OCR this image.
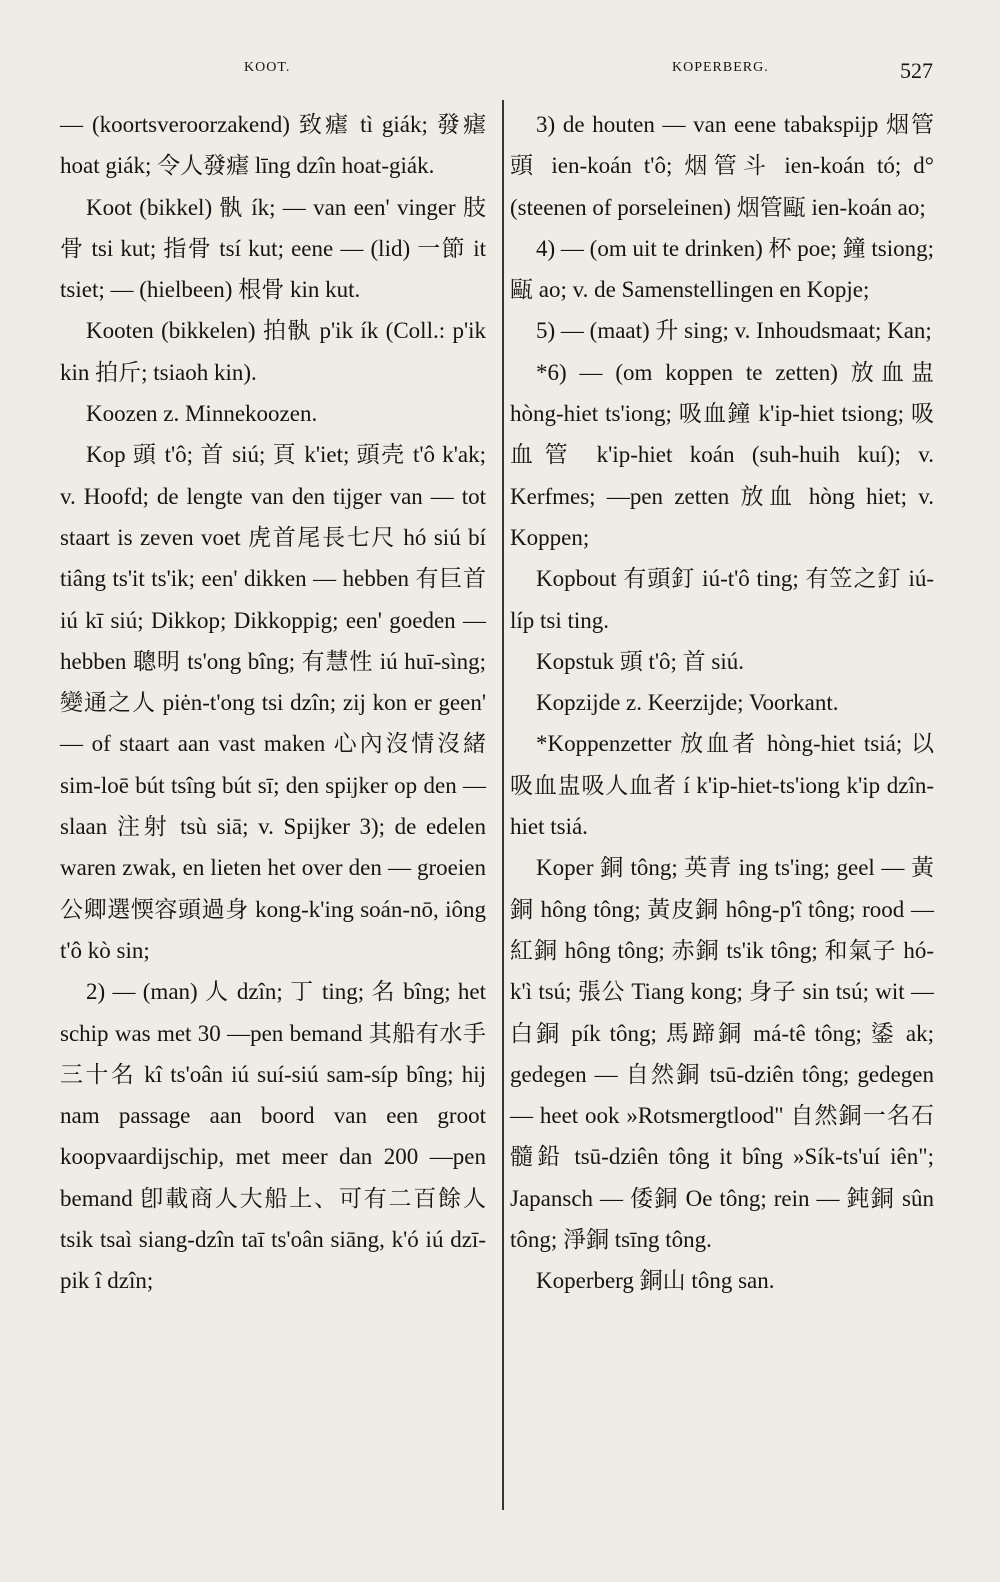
KOOT.	KOPERBERG.	527

— (koortsveroorzakend) 致瘧 tì giák; 發瘧 hoat giák; 令人發瘧 līng dzîn hoat-giák.

Koot (bikkel) 骫 ík; — van een' vinger 肢骨 tsi kut; 指骨 tsí kut; eene — (lid) 一節 it tsiet; — (hielbeen) 根骨 kin kut.

Kooten (bikkelen) 拍骫 p'ik ík (Coll.: p'ik kin 拍斤; tsiaoh kin).

Koozen z. Minnekoozen.

Kop 頭 t'ô; 首 siú; 頁 k'iet; 頭壳 t'ô k'ak; v. Hoofd; de lengte van den tijger van — tot staart is zeven voet 虎首尾長七尺 hó siú bí tiâng ts'it ts'ik; een' dikken — hebben 有巨首 iú kī siú; Dikkop; Dikkoppig; een' goeden — hebben 聰明 ts'ong bîng; 有慧性 iú huī-sìng; 變通之人 piėn-t'ong tsi dzîn; zij kon er geen' — of staart aan vast maken 心內沒情沒緒 sim-loē bút tsîng bút sī; den spijker op den — slaan 注射 tsù siā; v. Spijker 3); de edelen waren zwak, en lieten het over den — groeien 公卿選愞容頭過身 kong-k'ing soán-nō, iông t'ô kò sin;

2) — (man) 人 dzîn; 丁 ting; 名 bîng; het schip was met 30 —pen bemand 其船有水手三十名 kî ts'oân iú suí-siú sam-síp bîng; hij nam passage aan boord van een groot koopvaardijschip, met meer dan 200 —pen bemand 卽載商人大船上、可有二百餘人 tsik tsaì siang-dzîn taī ts'oân siāng, k'ó iú dzī-pik î dzîn;

3) de houten — van eene tabakspijp 烟管頭 ien-koán t'ô; 烟管斗 ien-koán tó; d° (steenen of porseleinen) 烟管甌 ien-koán ao;

4) — (om uit te drinken) 杯 poe; 鐘 tsiong; 甌 ao; v. de Samenstellingen en Kopje;

5) — (maat) 升 sing; v. Inhoudsmaat; Kan;

*6) — (om koppen te zetten) 放血盅 hòng-hiet ts'iong; 吸血鐘 k'ip-hiet tsiong; 吸血管 k'ip-hiet koán (suh-huih kuí); v. Kerfmes; —pen zetten 放血 hòng hiet; v. Koppen;

Kopbout 有頭釘 iú-t'ô ting; 有笠之釘 iú-líp tsi ting.

Kopstuk 頭 t'ô; 首 siú.

Kopzijde z. Keerzijde; Voorkant.

*Koppenzetter 放血者 hòng-hiet tsiá; 以吸血盅吸人血者 í k'ip-hiet-ts'iong k'ip dzîn-hiet tsiá.

Koper 銅 tông; 英青 ing ts'ing; geel — 黃銅 hông tông; 黃皮銅 hông-p'î tông; rood — 紅銅 hông tông; 赤銅 ts'ik tông; 和氣子 hó-k'ì tsú; 張公 Tiang kong; 身子 sin tsú; wit — 白銅 pík tông; 馬蹄銅 má-tê tông; 鋈 ak; gedegen — 自然銅 tsū-dziên tông; gedegen — heet ook »Rotsmergtlood" 自然銅一名石髓鉛 tsū-dziên tông it bîng »Sík-ts'uí iên"; Japansch — 倭銅 Oe tông; rein — 鈍銅 sûn tông; 淨銅 tsīng tông.

Koperberg 銅山 tông san.
